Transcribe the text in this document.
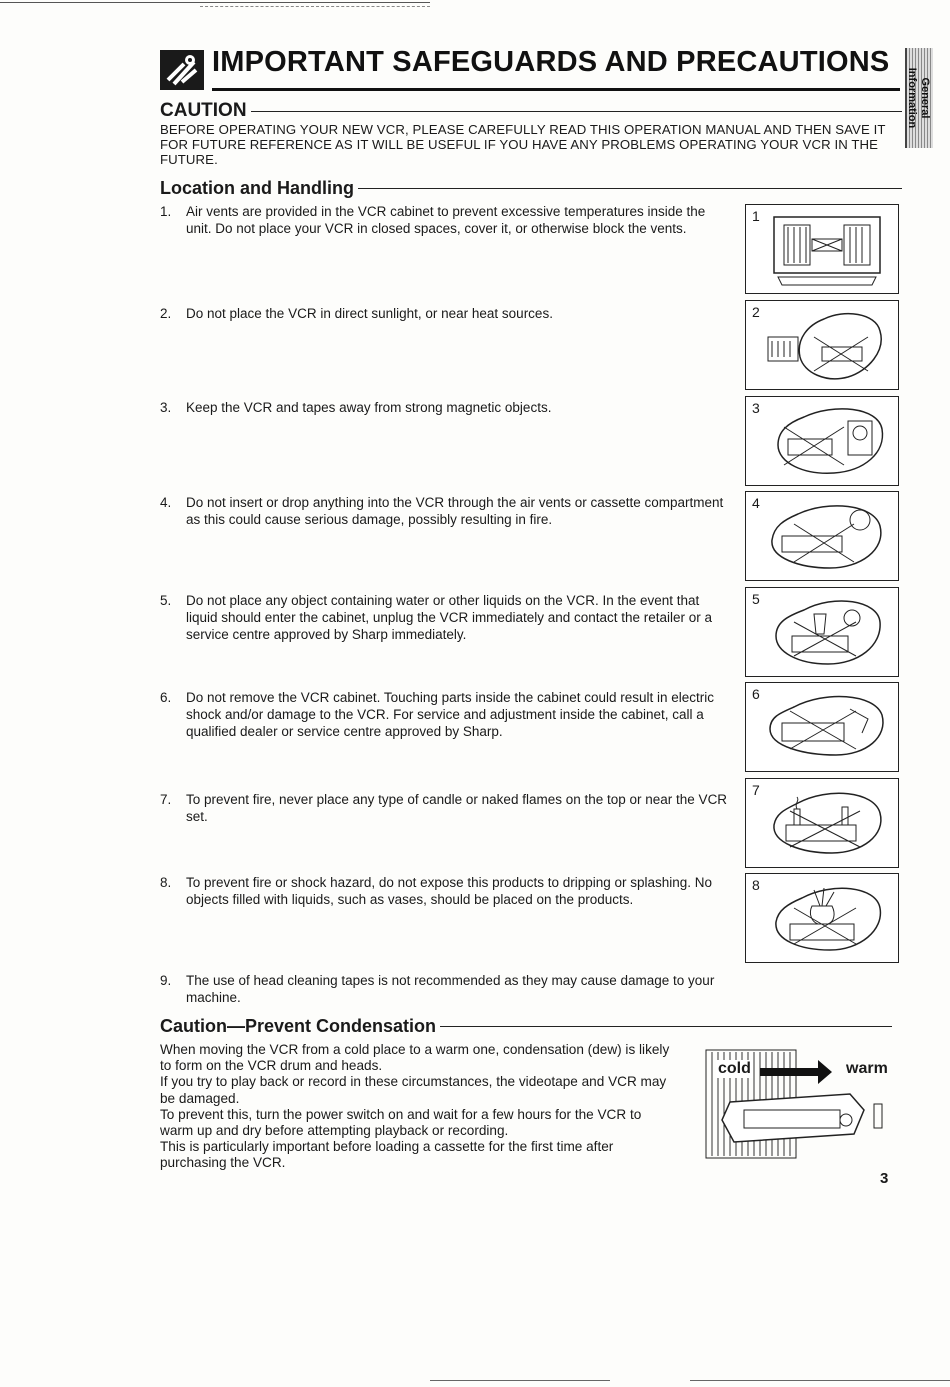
IMPORTANT SAFEGUARDS AND PRECAUTIONS
General Information
CAUTION
BEFORE OPERATING YOUR NEW VCR, PLEASE CAREFULLY READ THIS OPERATION MANUAL AND THEN SAVE IT FOR FUTURE REFERENCE AS IT WILL BE USEFUL IF YOU HAVE ANY PROBLEMS OPERATING YOUR VCR IN THE FUTURE.
Location and Handling
1.	Air vents are provided in the VCR cabinet to prevent excessive temperatures inside the unit. Do not place your VCR in closed spaces, cover it, or otherwise block the vents.
2.	Do not place the VCR in direct sunlight, or near heat sources.
3.	Keep the VCR and tapes away from strong magnetic objects.
4.	Do not insert or drop anything into the VCR through the air vents or cassette compartment as this could cause serious damage, possibly resulting in fire.
5.	Do not place any object containing water or other liquids on the VCR. In the event that liquid should enter the cabinet, unplug the VCR immediately and contact the retailer or a service centre approved by Sharp immediately.
6.	Do not remove the VCR cabinet. Touching parts inside the cabinet could result in electric shock and/or damage to the VCR. For service and adjustment inside the cabinet, call a qualified dealer or service centre approved by Sharp.
7.	To prevent fire, never place any type of candle or naked flames on the top or near the VCR set.
8.	To prevent fire or shock hazard, do not expose this products to dripping or splashing. No objects filled with liquids, such as vases, should be placed on the products.
9.	The use of head cleaning tapes is not recommended as they may cause damage to your machine.
1
2
3
4
5
6
7
8
Caution—Prevent Condensation
When moving the VCR from a cold place to a warm one, condensation (dew) is likely to form on the VCR drum and heads.
If you try to play back or record in these circumstances, the videotape and VCR may be damaged.
To prevent this, turn the power switch on and wait for a few hours for the VCR to warm up and dry before attempting playback or recording.
This is particularly important before loading a cassette for the first time after purchasing the VCR.
cold	warm
3
